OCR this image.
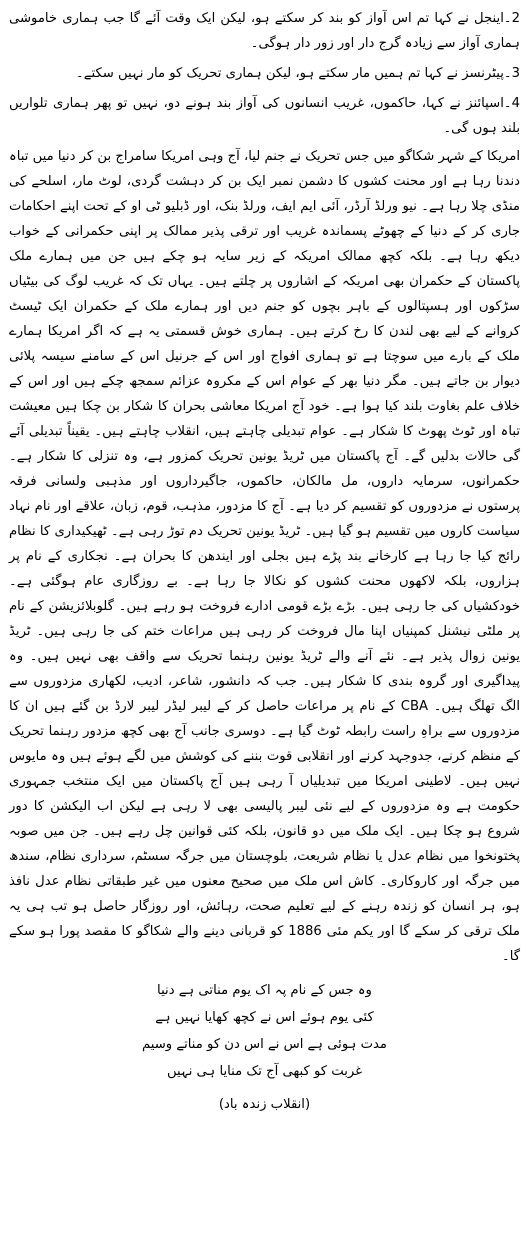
2۔اینجل نے کہا تم اس آواز کو بند کر سکتے ہو، لیکن ایک وقت آئے گا جب ہماری خاموشی ہماری آواز سے زیادہ گرج دار اور زور دار ہوگی۔

3۔پیٹرنسز نے کہا تم ہمیں مار سکتے ہو، لیکن ہماری تحریک کو مار نہیں سکتے۔

4۔اسپائنز نے کہا، حاکموں، غریب انسانوں کی آواز بند ہونے دو، نہیں تو پھر ہماری تلواریں بلند ہوں گی۔

امریکا کے شہر شکاگو میں جس تحریک نے جنم لیا، آج وہی امریکا سامراج بن کر دنیا میں تباہ دندنا رہا ہے اور محنت کشوں کا دشمن نمبر ایک بن کر دہشت گردی، لوٹ مار، اسلحے کی منڈی چلا رہا ہے۔ نیو ورلڈ آرڈر، آئی ایم ایف، ورلڈ بنک، اور ڈبلیو ٹی او کے تحت اپنے احکامات جاری کر کے دنیا کے چھوٹے پسماندہ غریب اور ترقی پذیر ممالک پر اپنی حکمرانی کے خواب دیکھ رہا ہے۔ بلکہ کچھ ممالک امریکہ کے زیر سایہ ہو چکے ہیں جن میں ہمارے ملک پاکستان کے حکمران بھی امریکہ کے اشاروں پر چلتے ہیں۔ یہاں تک کہ غریب لوگ کی بیٹیاں سڑکوں اور ہسپتالوں کے باہر بچوں کو جنم دیں اور ہمارے ملک کے حکمران ایک ٹیسٹ کروانے کے لیے بھی لندن کا رخ کرتے ہیں۔ ہماری خوش قسمتی یہ ہے کہ اگر امریکا ہمارے ملک کے بارے میں سوچتا ہے تو ہماری افواج اور اس کے جرنیل اس کے سامنے سیسہ پلائی دیوار بن جاتے ہیں۔ مگر دنیا بھر کے عوام اس کے مکروہ عزائم سمجھ چکے ہیں اور اس کے خلاف علم بغاوت بلند کیا ہوا ہے۔ خود آج امریکا معاشی بحران کا شکار بن چکا ہیں معیشت تباہ اور ٹوٹ پھوٹ کا شکار ہے۔ عوام تبدیلی چاہتے ہیں، انقلاب چاہتے ہیں۔ یقیناً تبدیلی آئے گی حالات بدلیں گے۔ آج پاکستان میں ٹریڈ یونین تحریک کمزور ہے، وہ تنزلی کا شکار ہے۔ حکمرانوں، سرمایہ داروں، مل مالکان، حاکموں، جاگیرداروں اور مذہبی ولسانی فرقہ پرستوں نے مزدوروں کو تقسیم کر دیا ہے۔ آج کا مزدور، مذہب، قوم، زبان، علاقے اور نام نہاد سیاست کاروں میں تقسیم ہو گیا ہیں۔ ٹریڈ یونین تحریک دم توڑ رہی ہے۔ ٹھیکیداری کا نظام رائج کیا جا رہا ہے کارخانے بند پڑے ہیں بجلی اور ایندھن کا بحران ہے۔ نجکاری کے نام پر ہزاروں، بلکہ لاکھوں محنت کشوں کو نکالا جا رہا ہے۔ بے روزگاری عام ہوگئی ہے۔ خودکشیاں کی جا رہی ہیں۔ بڑے بڑے قومی ادارے فروخت ہو رہے ہیں۔ گلوبلائزیشن کے نام پر ملٹی نیشنل کمپنیاں اپنا مال فروخت کر رہی ہیں مراعات ختم کی جا رہی ہیں۔ ٹریڈ یونین زوال پذیر ہے۔ نئے آنے والے ٹریڈ یونین رہنما تحریک سے واقف بھی نہیں ہیں۔ وہ پیداگیری اور گروہ بندی کا شکار ہیں۔ جب کہ دانشور، شاعر، ادیب، لکھاری مزدوروں سے الگ تھلگ ہیں۔ CBA کے نام پر مراعات حاصل کر کے لیبر لیڈر لیبر لارڈ بن گئے ہیں ان کا مزدوروں سے براہِ راست رابطہ ٹوٹ گیا ہے۔ دوسری جانب آج بھی کچھ مزدور رہنما تحریک کے منظم کرنے، جدوجہد کرنے اور انقلابی قوت بننے کی کوشش میں لگے ہوئے ہیں وہ مایوس نہیں ہیں۔ لاطینی امریکا میں تبدیلیاں آ رہی ہیں آج پاکستان میں ایک منتخب جمہوری حکومت ہے وہ مزدوروں کے لیے نئی لیبر پالیسی بھی لا رہی ہے لیکن اب الیکشن کا دور شروع ہو چکا ہیں۔ ایک ملک میں دو قانون، بلکہ کئی قوانین چل رہے ہیں۔ جن میں صوبہ پختونخوا میں نظام عدل یا نظام شریعت، بلوچستان میں جرگہ سسٹم، سرداری نظام، سندھ میں جرگہ اور کاروکاری۔ کاش اس ملک میں صحیح معنوں میں غیر طبقاتی نظام عدل نافذ ہو، ہر انسان کو زندہ رہنے کے لیے تعلیم صحت، رہائش، اور روزگار حاصل ہو تب ہی یہ ملک ترقی کر سکے گا اور یکم مئی 1886 کو قربانی دینے والے شکاگو کا مقصد پورا ہو سکے گا۔

وہ جس کے نام پہ اک یوم مناتی ہے دنیا
کئی یوم ہوئے اس نے کچھ کھایا نہیں ہے
مدت ہوئی ہے اس نے اس دن کو مناتے وسیم
غربت کو کبھی آج تک منایا ہی نہیں
(انقلاب زندہ باد)
